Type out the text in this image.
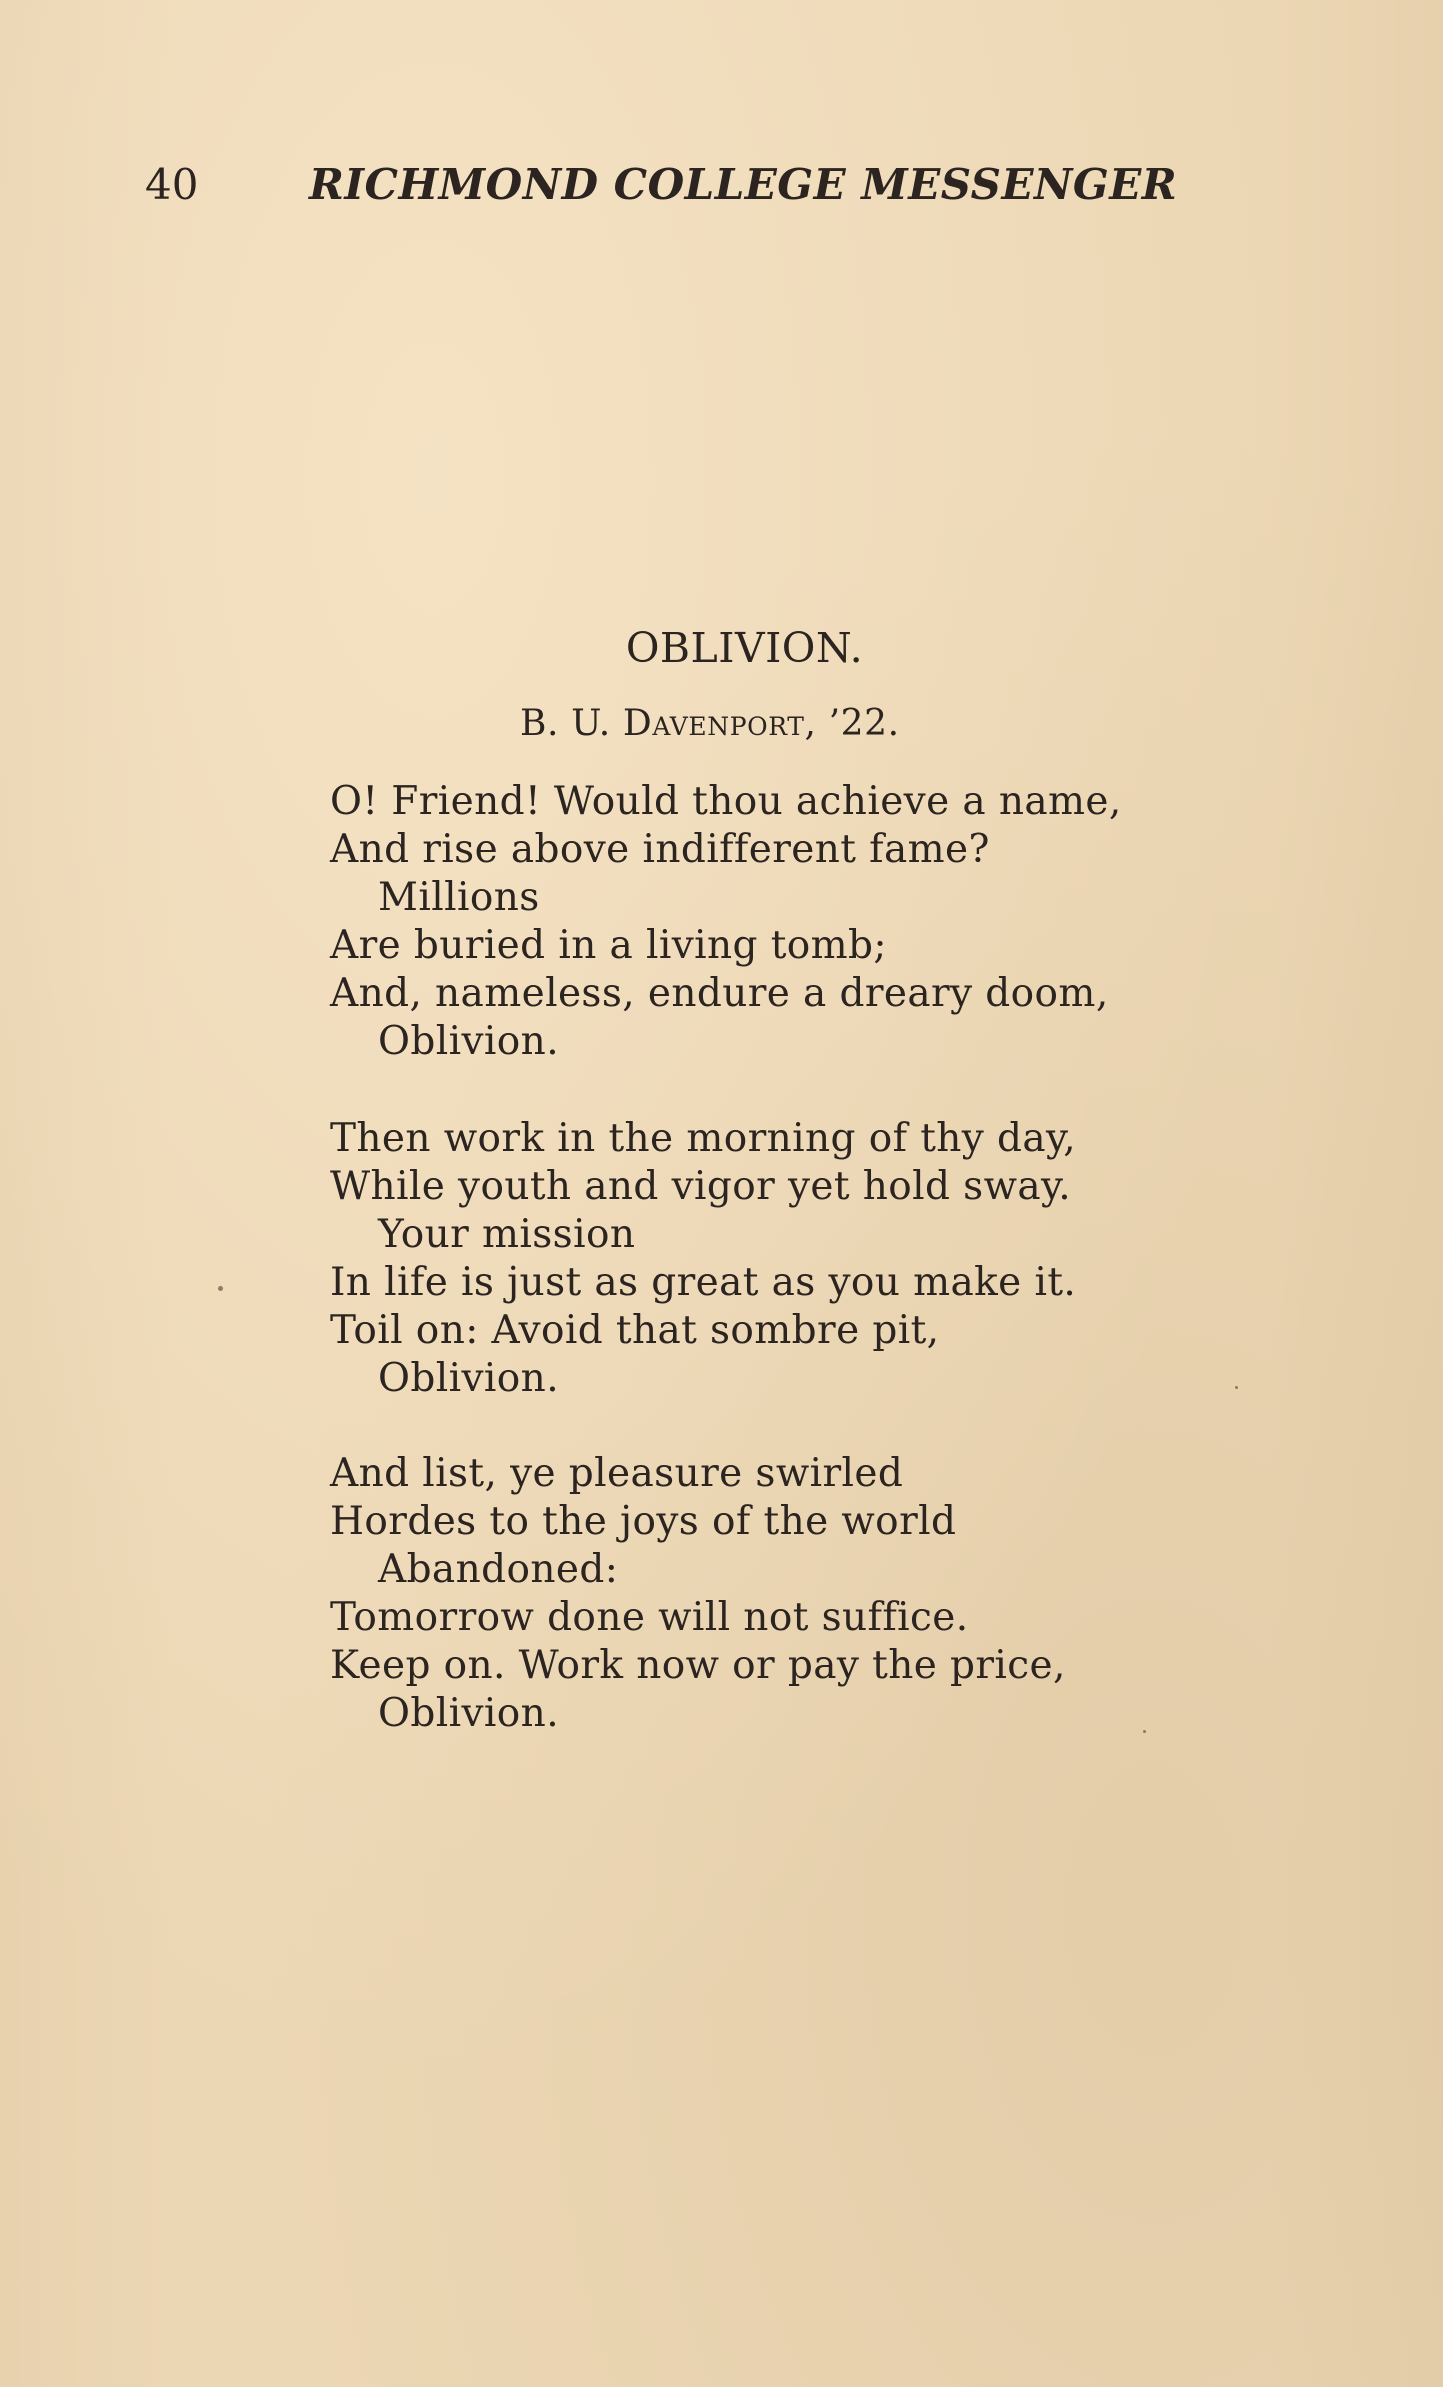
40	RICHMOND COLLEGE MESSENGER
OBLIVION.
B. U. Davenport, ’22.
O! Friend! Would thou achieve a name,
And rise above indifferent fame?
Millions
Are buried in a living tomb;
And, nameless, endure a dreary doom,
Oblivion.
Then work in the morning of thy day,
While youth and vigor yet hold sway.
Your mission
In life is just as great as you make it.
Toil on: Avoid that sombre pit,
Oblivion.
And list, ye pleasure swirled
Hordes to the joys of the world
Abandoned:
Tomorrow done will not suffice.
Keep on. Work now or pay the price,
Oblivion.
